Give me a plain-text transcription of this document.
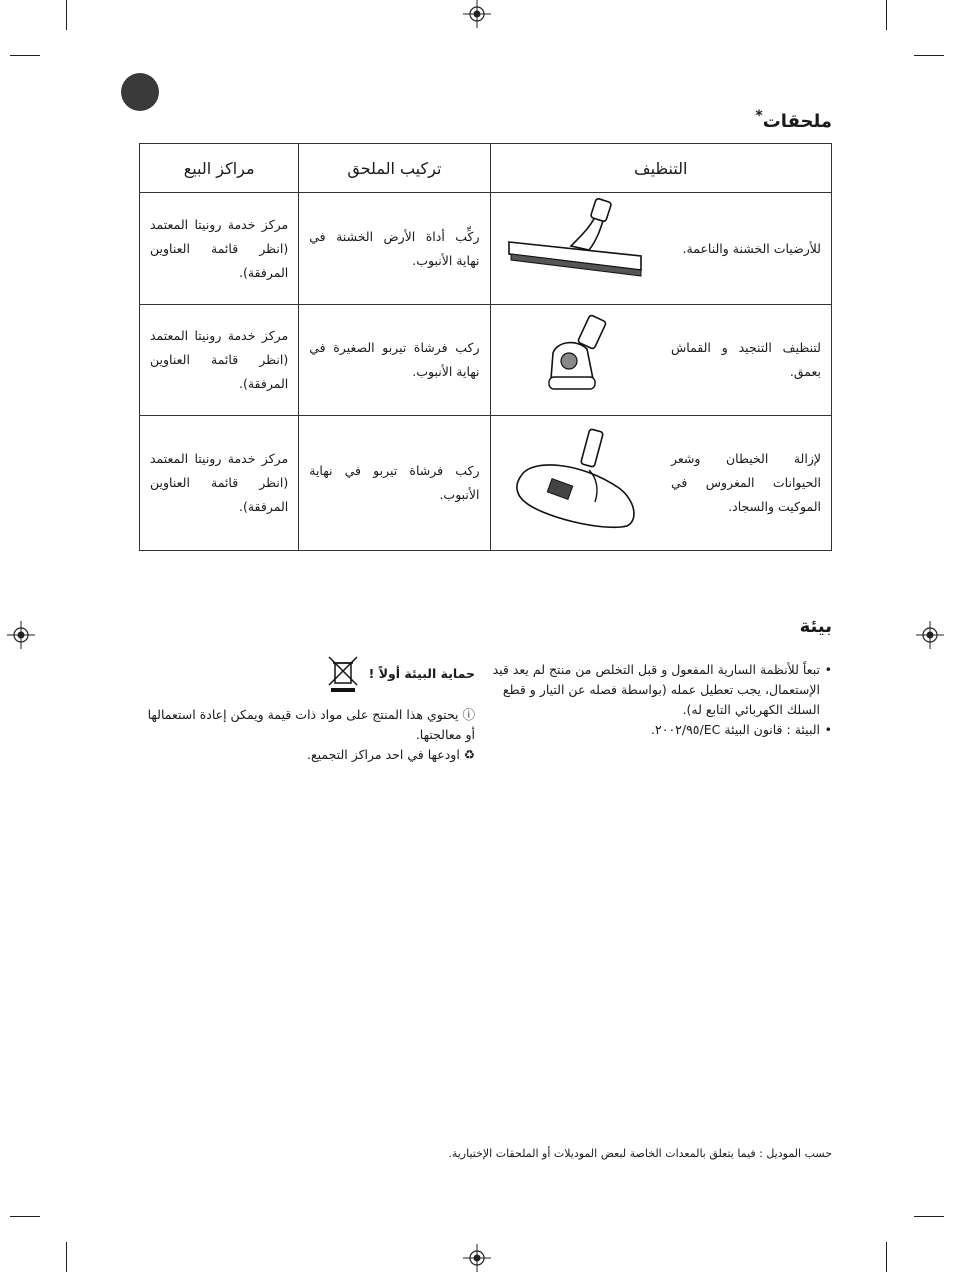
ملحقات*
التنظيف	تركيب الملحق	مراكز البيع

للأرضيات الخشنة والناعمة.	ركِّب أداة الأرض الخشنة في نهاية الأنبوب.	مركز خدمة رونيتا المعتمد (انظر قائمة العناوين المرفقة).

لتنظيف التنجيد و القماش بعمق.	ركب فرشاة تيربو الصغيرة في نهاية الأنبوب.	مركز خدمة رونيتا المعتمد (انظر قائمة العناوين المرفقة).

لإزالة الخيطان وشعر الحيوانات المغروس في الموكيت والسجاد.	ركب فرشاة تيربو في نهاية الأنبوب.	مركز خدمة رونيتا المعتمد (انظر قائمة العناوين المرفقة).
بيئة
• تبعاً للأنظمة السارية المفعول و قبل التخلص من منتج لم يعد قيد الإستعمال، يجب تعطيل عمله (بواسطة فصله عن التيار و قطع السلك الكهربائي التابع له).
• البيئة : قانون البيئة EC/٢٠٠٢/٩٥.
حماية البيئة أولاً !

ⓘ يحتوي هذا المنتج على مواد ذات قيمة ويمكن إعادة استعمالها أو معالجتها.

♻ اودعها في احد مراكز التجميع.

حسب الموديل : فيما يتعلق بالمعدات الخاصة لبعض الموديلات أو الملحقات الإختيارية.
